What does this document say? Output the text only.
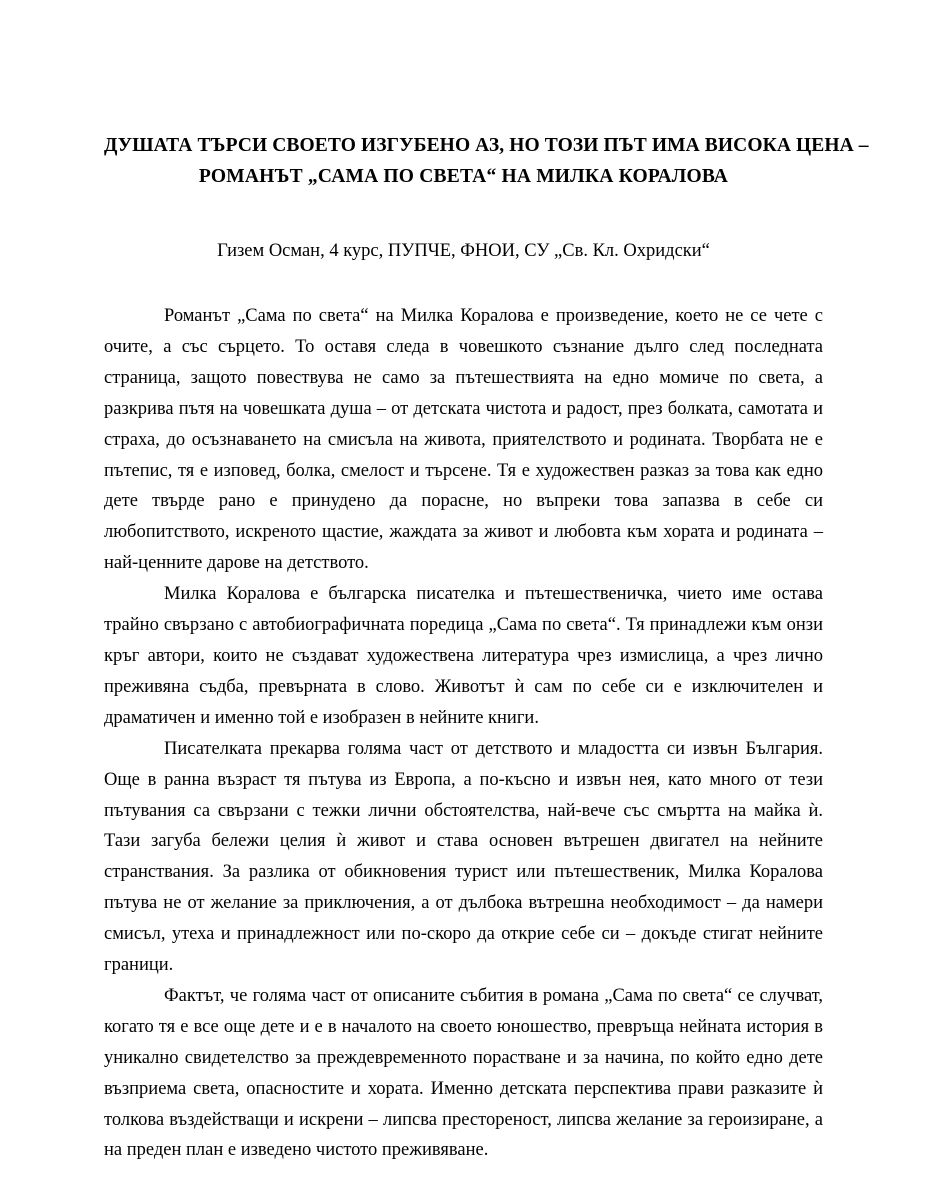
ДУШАТА ТЪРСИ СВОЕТО ИЗГУБЕНО АЗ, НО ТОЗИ ПЪТ ИМА ВИСОКА ЦЕНА –
РОМАНЪТ „САМА ПО СВЕТА“ НА МИЛКА КОРАЛОВА
Гизем Осман, 4 курс, ПУПЧЕ, ФНОИ, СУ „Св. Кл. Охридски“

Романът „Сама по света“ на Милка Коралова е произведение, което не се чете с очите, а със сърцето. То оставя следа в човешкото съзнание дълго след последната страница, защото повествува не само за пътешествията на едно момиче по света, а разкрива пътя на човешката душа – от детската чистота и радост, през болката, самотата и страха, до осъзнаването на смисъла на живота, приятелството и родината. Творбата не е пътепис, тя е изповед, болка, смелост и търсене. Тя е художествен разказ за това как едно дете твърде рано е принудено да порасне, но въпреки това запазва в себе си любопитството, искреното щастие, жаждата за живот и любовта към хората и родината – най-ценните дарове на детството.

Милка Коралова е българска писателка и пътешественичка, чието име остава трайно свързано с автобиографичната поредица „Сама по света“. Тя принадлежи към онзи кръг автори, които не създават художествена литература чрез измислица, а чрез лично преживяна съдба, превърната в слово. Животът ѝ сам по себе си е изключителен и драматичен и именно той е изобразен в нейните книги.

Писателката прекарва голяма част от детството и младостта си извън България. Още в ранна възраст тя пътува из Европа, а по-късно и извън нея, като много от тези пътувания са свързани с тежки лични обстоятелства, най-вече със смъртта на майка ѝ. Тази загуба бележи целия ѝ живот и става основен вътрешен двигател на нейните странствания. За разлика от обикновения турист или пътешественик, Милка Коралова пътува не от желание за приключения, а от дълбока вътрешна необходимост – да намери смисъл, утеха и принадлежност или по-скоро да открие себе си – докъде стигат нейните граници.

Фактът, че голяма част от описаните събития в романа „Сама по света“ се случват, когато тя е все още дете и е в началото на своето юношество, превръща нейната история в уникално свидетелство за преждевременното порастване и за начина, по който едно дете възприема света, опасностите и хората. Именно детската перспектива прави разказите ѝ толкова въздействащи и искрени – липсва престореност, липсва желание за героизиране, а на преден план е изведено чистото преживяване.
